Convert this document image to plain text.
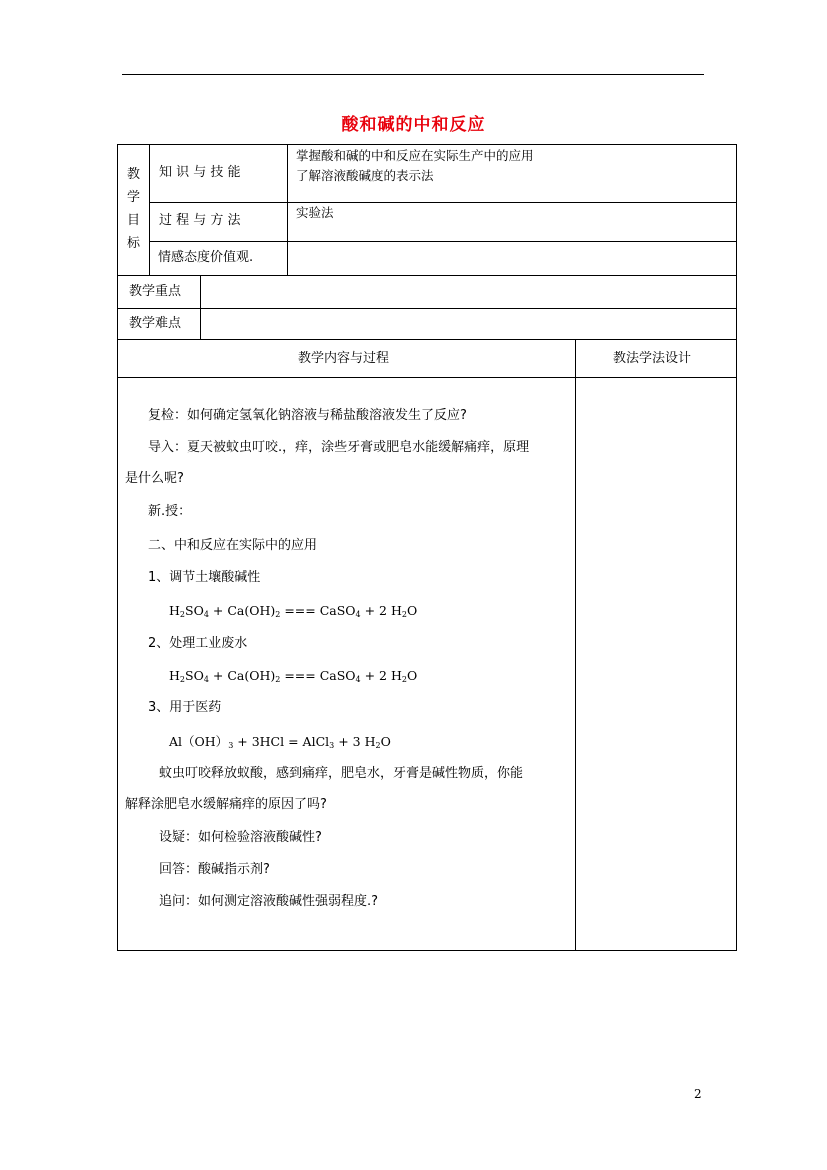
酸和碱的中和反应
教
学
目
标
知 识 与 技 能
掌握酸和碱的中和反应在实际生产中的应用
了解溶液酸碱度的表示法
过 程 与 方 法
实验法
情感态度价值观.
教学重点
教学难点
教学内容与过程	教法学法设计
复检：如何确定氢氧化钠溶液与稀盐酸溶液发生了反应?
导入：夏天被蚊虫叮咬.，痒，涂些牙膏或肥皂水能缓解痛痒，原理
是什么呢?
新.授：
二、中和反应在实际中的应用
1、调节土壤酸碱性
$H_2SO_4 + Ca(OH)_2$ === CaSO$_4$ + 2 $H_2O$
2、处理工业废水
$H_2SO_4 + Ca(OH)_2$ === CaSO$_4$ + 2 $H_2O$
3、用于医药
$Al(OH)_3 + 3HCl$ = AlCl$_3$ + 3 $H_2O$
蚊虫叮咬释放蚁酸，感到痛痒，肥皂水，牙膏是碱性物质，你能
解释涂肥皂水缓解痛痒的原因了吗?
设疑：如何检验溶液酸碱性?
回答：酸碱指示剂?
追问：如何测定溶液酸碱性强弱程度.?
2
